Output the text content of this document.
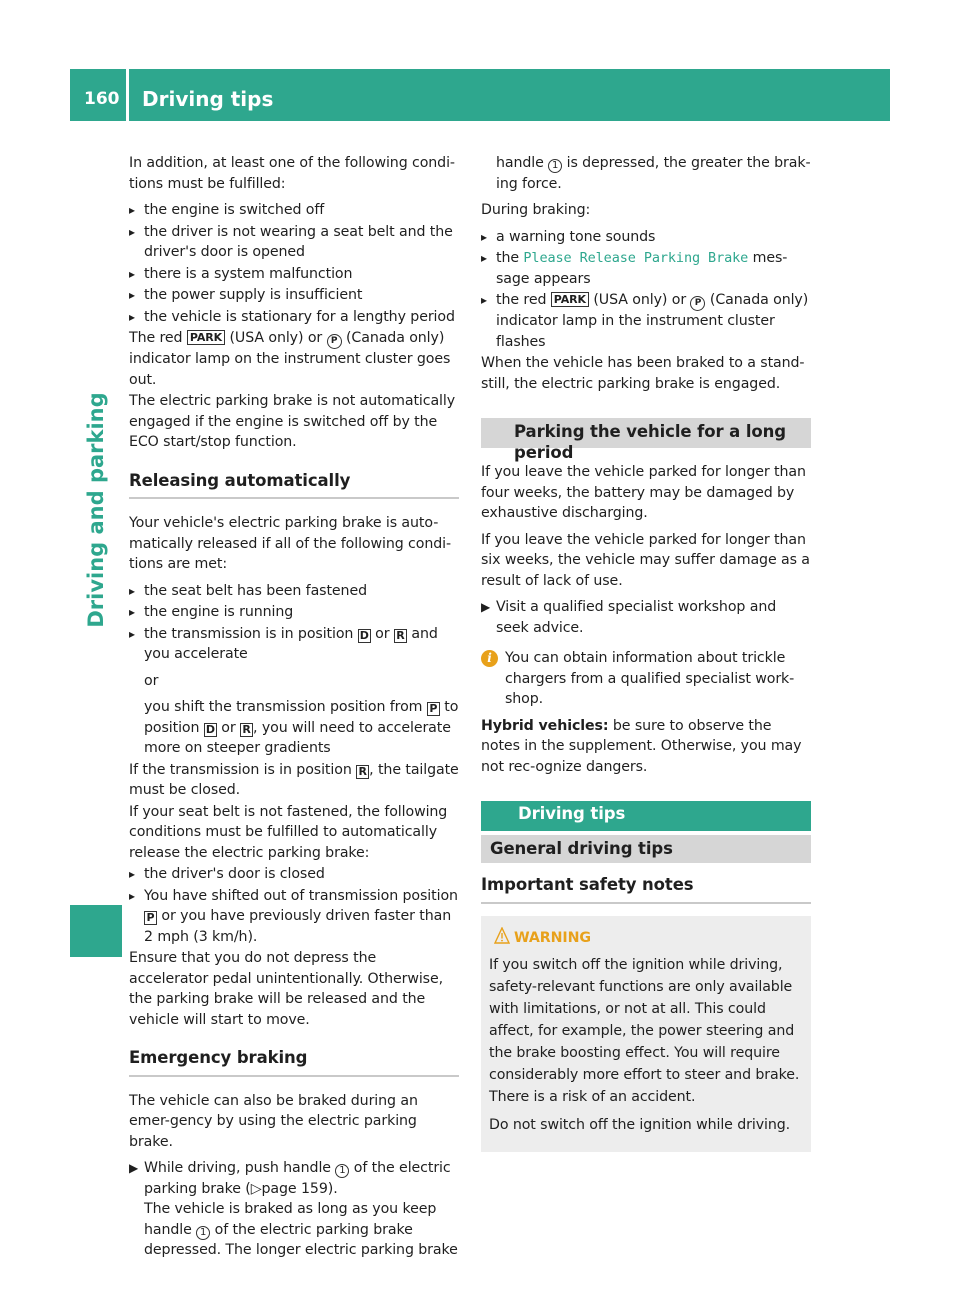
160 Driving tips
Driving and parking

In addition, at least one of the following condi-tions must be fulfilled:

▸ the engine is switched off
▸ the driver is not wearing a seat belt and the driver's door is opened
▸ there is a system malfunction
▸ the power supply is insufficient
▸ the vehicle is stationary for a lengthy period

The red PARK (USA only) or P (Canada only) indicator lamp on the instrument cluster goes out.

The electric parking brake is not automatically engaged if the engine is switched off by the ECO start/stop function.

Releasing automatically

Your vehicle's electric parking brake is auto-matically released if all of the following condi-tions are met:

▸ the seat belt has been fastened
▸ the engine is running
▸ the transmission is in position D or R and you accelerate

or

you shift the transmission position from P to position D or R , you will need to accelerate more on steeper gradients

If the transmission is in position R , the tailgate must be closed.

If your seat belt is not fastened, the following conditions must be fulfilled to automatically release the electric parking brake:

▸ the driver's door is closed
▸ You have shifted out of transmission position P or you have previously driven faster than 2 mph (3 km/h).

Ensure that you do not depress the accelerator pedal unintentionally. Otherwise, the parking brake will be released and the vehicle will start to move.

Emergency braking

The vehicle can also be braked during an emer-gency by using the electric parking brake.

▶ While driving, push handle 1 of the electric parking brake (▷page 159).
The vehicle is braked as long as you keep handle 1 of the electric parking brake depressed. The longer electric parking brake

handle 1 is depressed, the greater the brak-ing force.

During braking:

▸ a warning tone sounds
▸ the Please Release Parking Brake mes-sage appears
▸ the red PARK (USA only) or P (Canada only) indicator lamp in the instrument cluster flashes

When the vehicle has been braked to a stand-still, the electric parking brake is engaged.

Parking the vehicle for a long period

If you leave the vehicle parked for longer than four weeks, the battery may be damaged by exhaustive discharging.

If you leave the vehicle parked for longer than six weeks, the vehicle may suffer damage as a result of lack of use.

▶ Visit a qualified specialist workshop and seek advice.
i You can obtain information about trickle chargers from a qualified specialist work-shop.

Hybrid vehicles: be sure to observe the notes in the supplement. Otherwise, you may not rec-ognize dangers.

Driving tips
General driving tips
Important safety notes
WARNING

If you switch off the ignition while driving, safety-relevant functions are only available with limitations, or not at all. This could affect, for example, the power steering and the brake boosting effect. You will require considerably more effort to steer and brake. There is a risk of an accident.

Do not switch off the ignition while driving.
